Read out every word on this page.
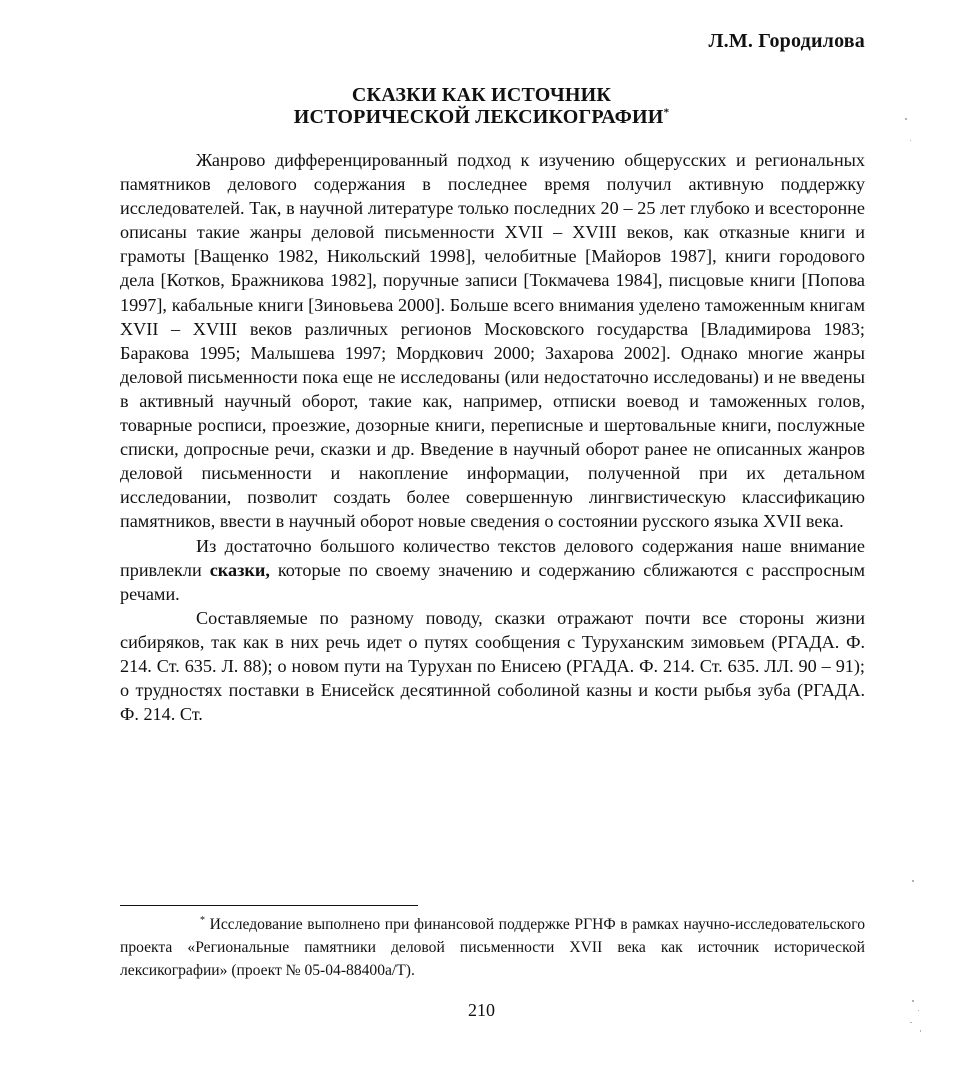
Л.М. Городилова
СКАЗКИ КАК ИСТОЧНИК
ИСТОРИЧЕСКОЙ ЛЕКСИКОГРАФИИ*

Жанрово дифференцированный подход к изучению общерусских и региональных памятников делового содержания в последнее время получил активную поддержку исследователей. Так, в научной литературе только последних 20 – 25 лет глубоко и всесторонне описаны такие жанры деловой письменности XVII – XVIII веков, как отказные книги и грамоты [Ващенко 1982, Никольский 1998], челобитные [Майоров 1987], книги городового дела [Котков, Бражникова 1982], поручные записи [Токмачева 1984], писцовые книги [Попова 1997], кабальные книги [Зиновьева 2000]. Больше всего внимания уделено таможенным книгам XVII – XVIII веков различных регионов Московского государства [Владимирова 1983; Баракова 1995; Малышева 1997; Мордкович 2000; Захарова 2002]. Однако многие жанры деловой письменности пока еще не исследованы (или недостаточно исследованы) и не введены в активный научный оборот, такие как, например, отписки воевод и таможенных голов, товарные росписи, проезжие, дозорные книги, переписные и шертовальные книги, послужные списки, допросные речи, сказки и др. Введение в научный оборот ранее не описанных жанров деловой письменности и накопление информации, полученной при их детальном исследовании, позволит создать более совершенную лингвистическую классификацию памятников, ввести в научный оборот новые сведения о состоянии русского языка XVII века.

Из достаточно большого количество текстов делового содержания наше внимание привлекли сказки, которые по своему значению и содержанию сближаются с расспросным речами.

Составляемые по разному поводу, сказки отражают почти все стороны жизни сибиряков, так как в них речь идет о путях сообщения с Туруханским зимовьем (РГАДА. Ф. 214. Ст. 635. Л. 88); о новом пути на Турухан по Енисею (РГАДА. Ф. 214. Ст. 635. ЛЛ. 90 – 91); о трудностях поставки в Енисейск десятинной соболиной казны и кости рыбья зуба (РГАДА. Ф. 214. Ст.

* Исследование выполнено при финансовой поддержке РГНФ в рамках научно-исследовательского проекта «Региональные памятники деловой письменности XVII века как источник исторической лексикографии» (проект № 05-04-88400а/Т).

210
